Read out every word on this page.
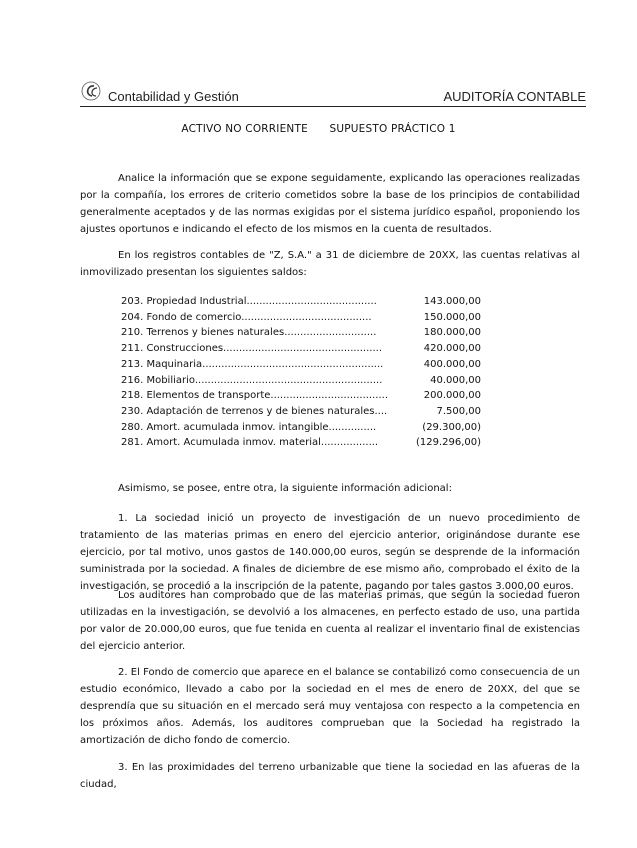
Contabilidad y Gestión	AUDITORÍA CONTABLE
ACTIVO NO CORRIENTE SUPUESTO PRÁCTICO 1

Analice la información que se expone seguidamente, explicando las operaciones realizadas por la compañía, los errores de criterio cometidos sobre la base de los principios de contabilidad generalmente aceptados y de las normas exigidas por el sistema jurídico español, proponiendo los ajustes oportunos e indicando el efecto de los mismos en la cuenta de resultados.

En los registros contables de "Z, S.A." a 31 de diciembre de 20XX, las cuentas relativas al inmovilizado presentan los siguientes saldos:

203. Propiedad Industrial.........................................	143.000,00
204. Fondo de comercio.........................................	150.000,00
210. Terrenos y bienes naturales.............................	180.000,00
211. Construcciones..................................................	420.000,00
213. Maquinaria.........................................................	400.000,00
216. Mobiliario...........................................................	40.000,00
218. Elementos de transporte.....................................	200.000,00
230. Adaptación de terrenos y de bienes naturales....	7.500,00
280. Amort. acumulada inmov. intangible...............	(29.300,00)
281. Amort. Acumulada inmov. material..................	(129.296,00)

Asimismo, se posee, entre otra, la siguiente información adicional:

1. La sociedad inició un proyecto de investigación de un nuevo procedimiento de tratamiento de las materias primas en enero del ejercicio anterior, originándose durante ese ejercicio, por tal motivo, unos gastos de 140.000,00 euros, según se desprende de la información suministrada por la sociedad. A finales de diciembre de ese mismo año, comprobado el éxito de la investigación, se procedió a la inscripción de la patente, pagando por tales gastos 3.000,00 euros.

Los auditores han comprobado que de las materias primas, que según la sociedad fueron utilizadas en la investigación, se devolvió a los almacenes, en perfecto estado de uso, una partida por valor de 20.000,00 euros, que fue tenida en cuenta al realizar el inventario final de existencias del ejercicio anterior.

2. El Fondo de comercio que aparece en el balance se contabilizó como consecuencia de un estudio económico, llevado a cabo por la sociedad en el mes de enero de 20XX, del que se desprendía que su situación en el mercado será muy ventajosa con respecto a la competencia en los próximos años. Además, los auditores comprueban que la Sociedad ha registrado la amortización de dicho fondo de comercio.

3. En las proximidades del terreno urbanizable que tiene la sociedad en las afueras de la ciudad,
